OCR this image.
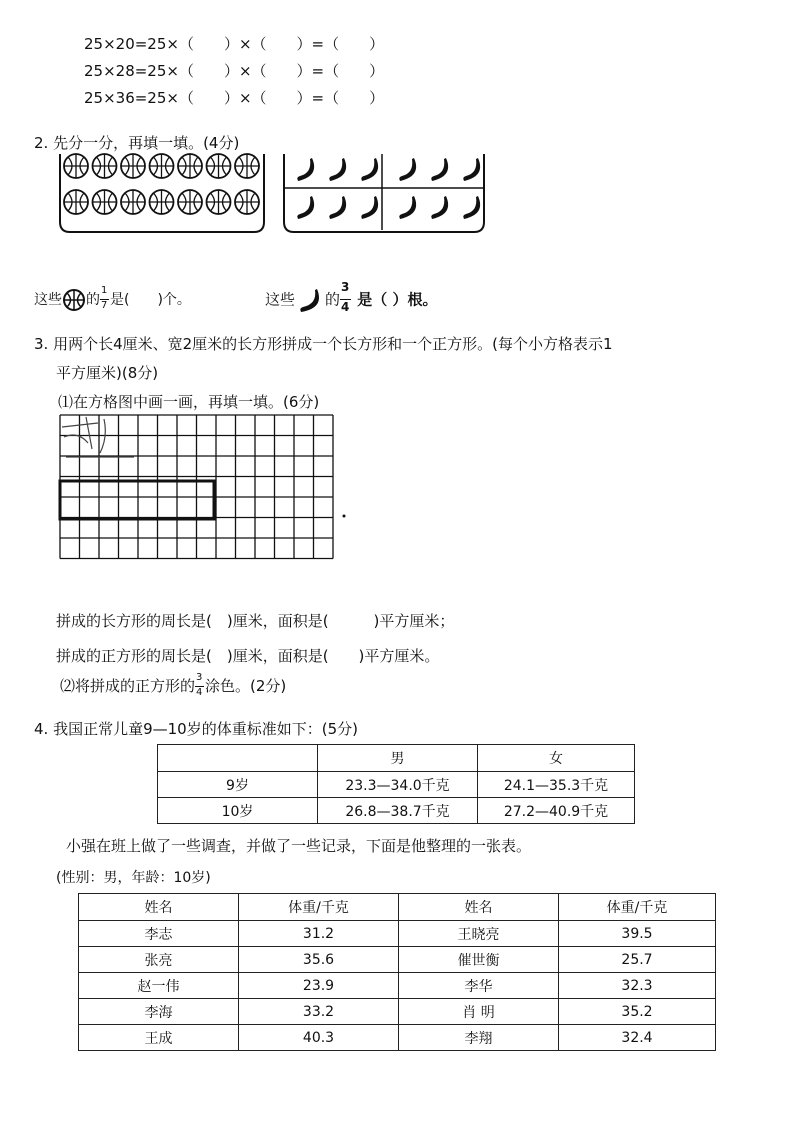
25×20=25×（　　）×（　　）=（　　）
25×28=25×（　　）×（　　）=（　　）
25×36=25×（　　）×（　　）=（　　）
2. 先分一分，再填一填。(4分)
这些 的 $\frac{1}{7}$ 是(　　)个。	这些 的 $\frac{3}{4}$ 是（ ）根。
3. 用两个长4厘米、宽2厘米的长方形拼成一个长方形和一个正方形。(每个小方格表示1
平方厘米)(8分)
⑴在方格图中画一画，再填一填。(6分)
拼成的长方形的周长是(　)厘米，面积是(　　　)平方厘米；
拼成的正方形的周长是(　)厘米，面积是(　　)平方厘米。
⑵将拼成的正方形的 $\frac{3}{4}$ 涂色。(2分)
4. 我国正常儿童9—10岁的体重标准如下：(5分)
	男	女
9岁	23.3—34.0千克	24.1—35.3千克
10岁	26.8—38.7千克	27.2—40.9千克
小强在班上做了一些调查，并做了一些记录，下面是他整理的一张表。
(性别：男，年龄：10岁)
姓名	体重/千克	姓名	体重/千克
李志	31.2	王晓亮	39.5
张亮	35.6	催世衡	25.7
赵一伟	23.9	李华	32.3
李海	33.2	肖 明	35.2
王成	40.3	李翔	32.4
